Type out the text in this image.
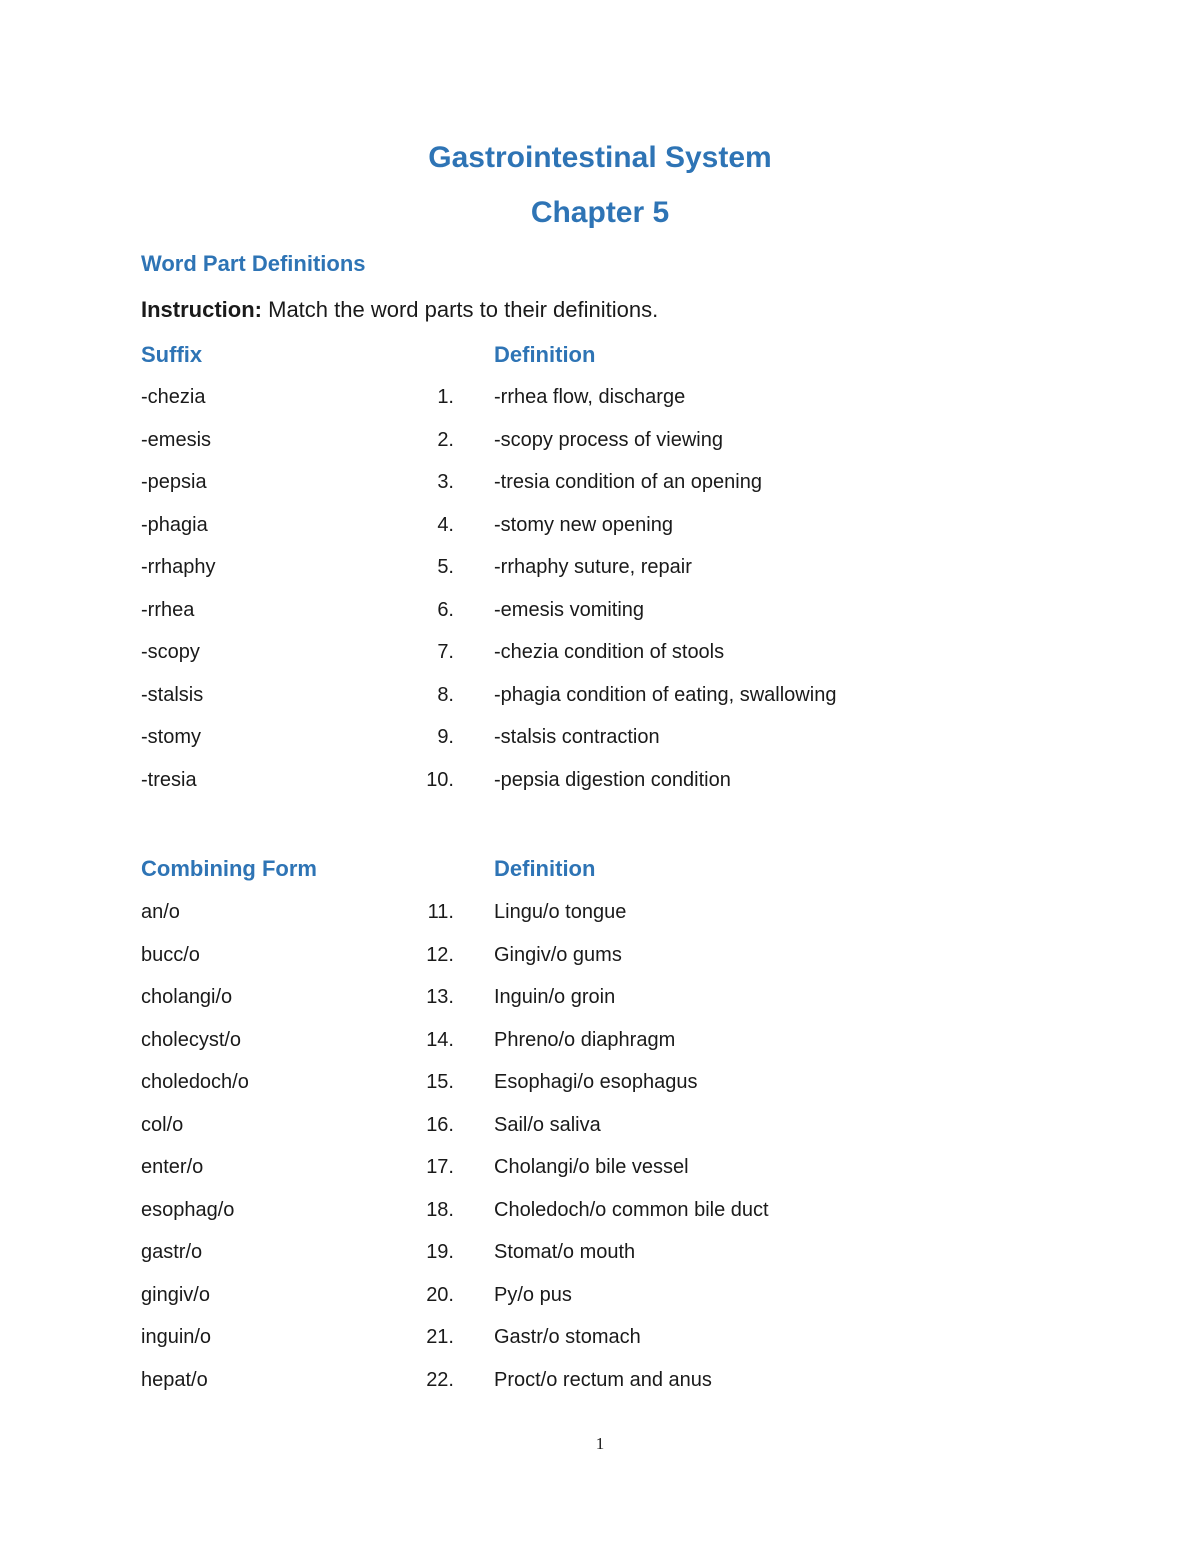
Gastrointestinal System
Chapter 5
Word Part Definitions

Instruction: Match the word parts to their definitions.

Suffix	Definition
-chezia	1. -rrhea flow, discharge
-emesis	2. -scopy process of viewing
-pepsia	3. -tresia condition of an opening
-phagia	4. -stomy new opening
-rrhaphy	5. -rrhaphy suture, repair
-rrhea	6. -emesis vomiting
-scopy	7. -chezia condition of stools
-stalsis	8. -phagia condition of eating, swallowing
-stomy	9. -stalsis contraction
-tresia	10. -pepsia digestion condition
Combining Form	Definition
an/o	11. Lingu/o tongue
bucc/o	12. Gingiv/o gums
cholangi/o	13. Inguin/o groin
cholecyst/o	14. Phreno/o diaphragm
choledoch/o	15. Esophagi/o esophagus
col/o	16. Sail/o saliva
enter/o	17. Cholangi/o bile vessel
esophag/o	18. Choledoch/o common bile duct
gastr/o	19. Stomat/o mouth
gingiv/o	20. Py/o pus
inguin/o	21. Gastr/o stomach
hepat/o	22. Proct/o rectum and anus
1
